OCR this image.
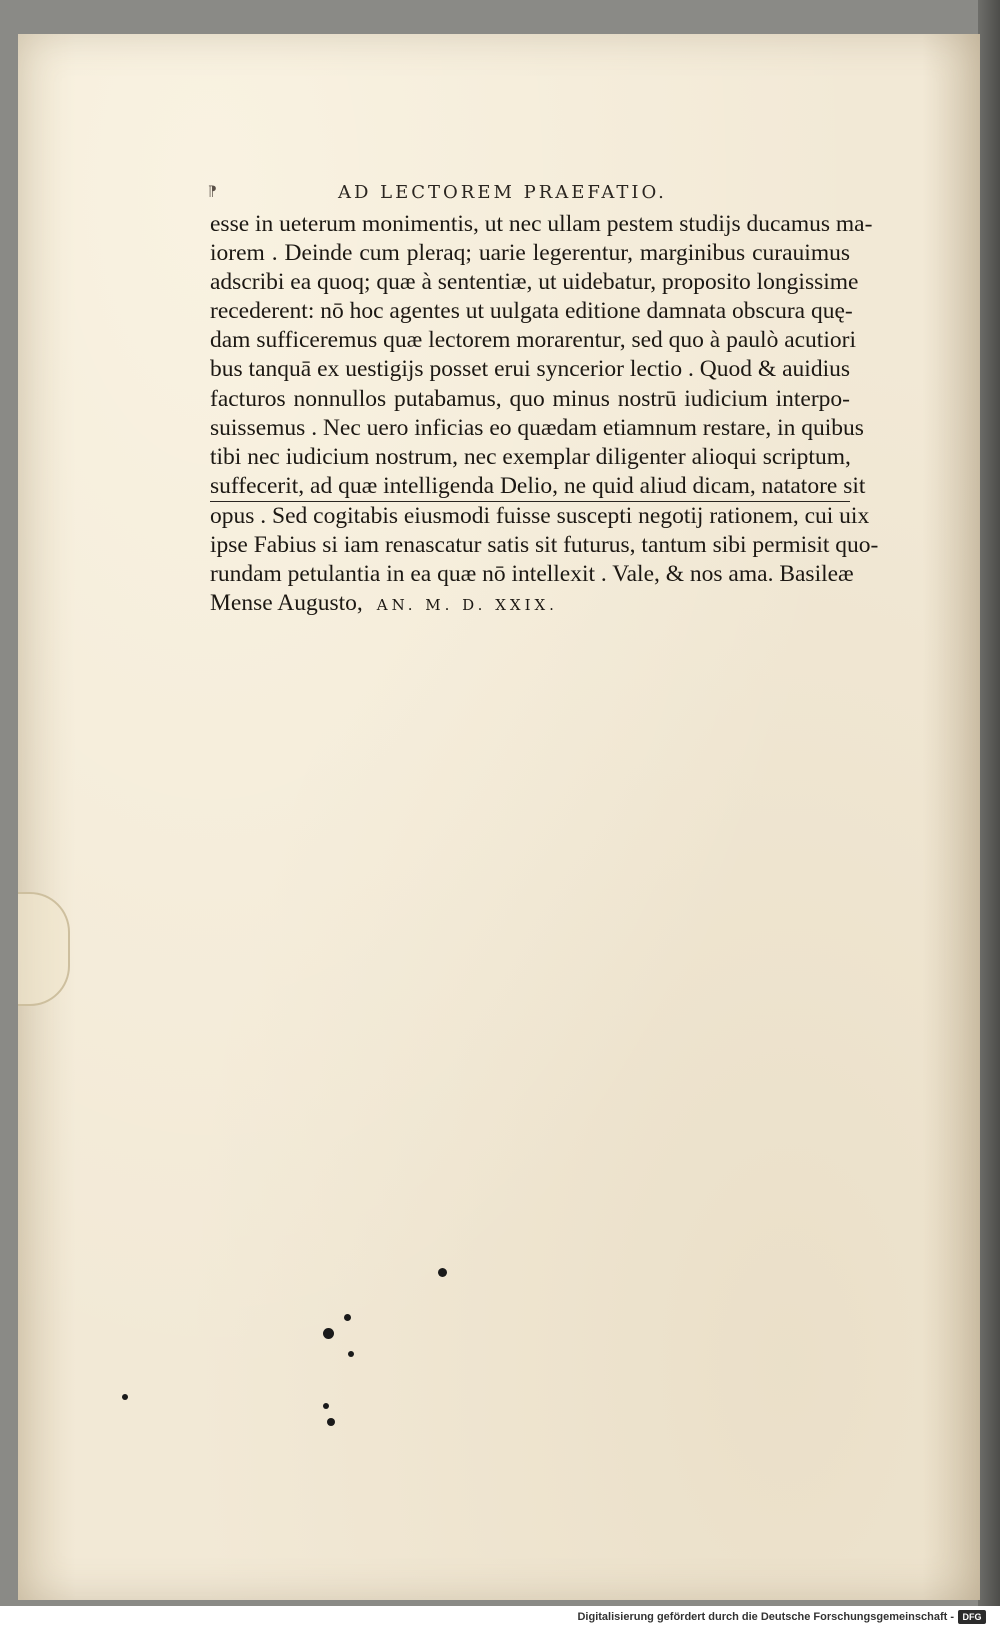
⁋	AD LECTOREM PRAEFATIO.
esse in ueterum monimentis, ut nec ullam pestem studijs ducamus ma-
iorem . Deinde cum pleraq; uarie legerentur, marginibus curauimus
adscribi ea quoq; quæ à sententiæ, ut uidebatur, proposito longissime
recederent: nō hoc agentes ut uulgata editione damnata obscura quę-
dam sufficeremus quæ lectorem morarentur, sed quo à paulò acutiori
bus tanquā ex uestigijs posset erui syncerior lectio . Quod & auidius
facturos nonnullos putabamus, quo minus nostrū iudicium interpo-
suissemus . Nec uero inficias eo quædam etiamnum restare, in quibus
tibi nec iudicium nostrum, nec exemplar diligenter alioqui scriptum,
suffecerit, ad quæ intelligenda Delio, ne quid aliud dicam, natatore sit
opus . Sed cogitabis eiusmodi fuisse suscepti negotij rationem, cui uix
ipse Fabius si iam renascatur satis sit futurus, tantum sibi permisit quo-
rundam petulantia in ea quæ nō intellexit . Vale, & nos ama. Basileæ
Mense Augusto, AN. M. D. XXIX.
Digitalisierung gefördert durch die Deutsche Forschungsgemeinschaft - DFG
